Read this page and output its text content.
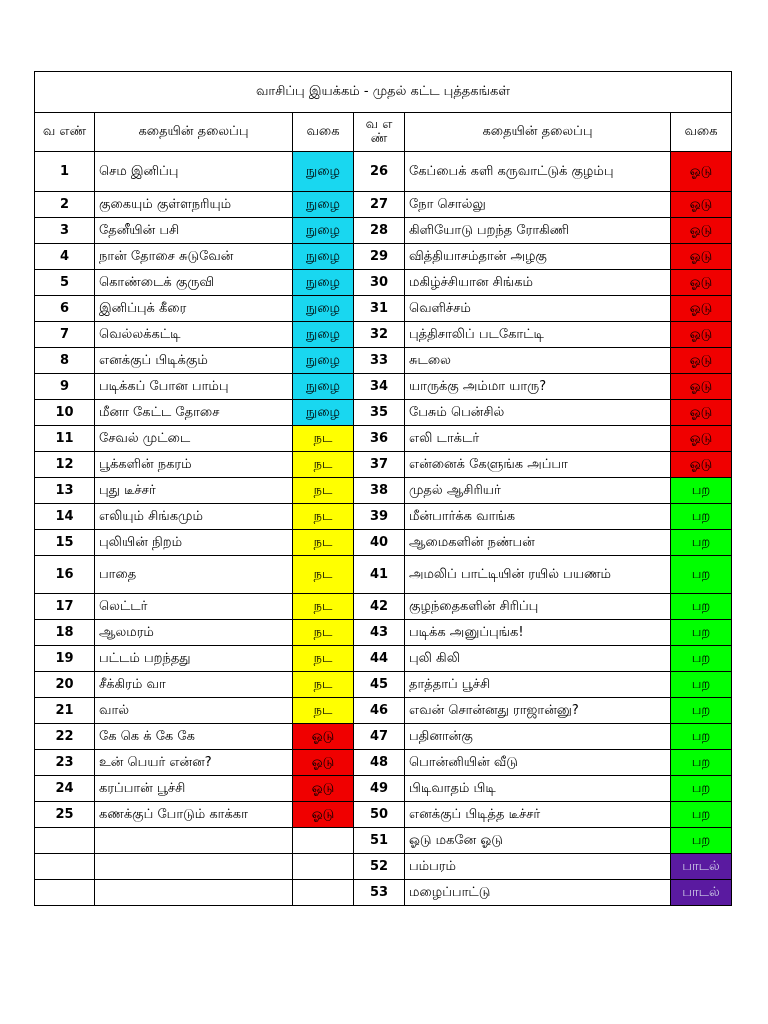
வாசிப்பு இயக்கம் - முதல் கட்ட புத்தகங்கள்					
வ எண்	கதையின் தலைப்பு	வகை	வ எ ண்	கதையின் தலைப்பு	வகை
1	செம இனிப்பு	நுழை	26	கேப்பைக் களி கருவாட்டுக் குழம்பு	ஓடு
2	குகையும் குள்ளநரியும்	நுழை	27	நோ சொல்லு	ஓடு
3	தேனீயின் பசி	நுழை	28	கிளியோடு பறந்த ரோகிணி	ஓடு
4	நான் தோசை சுடுவேன்	நுழை	29	வித்தியாசம்தான் அழகு	ஓடு
5	கொண்டைக் குருவி	நுழை	30	மகிழ்ச்சியான சிங்கம்	ஓடு
6	இனிப்புக் கீரை	நுழை	31	வெளிச்சம்	ஓடு
7	வெல்லக்கட்டி	நுழை	32	புத்திசாலிப் படகோட்டி	ஓடு
8	எனக்குப் பிடிக்கும்	நுழை	33	சுடலை	ஓடு
9	படிக்கப் போன பாம்பு	நுழை	34	யாருக்கு அம்மா யாரு?	ஓடு
10	மீனா கேட்ட தோசை	நுழை	35	பேசும் பென்சில்	ஓடு
11	சேவல் முட்டை	நட	36	எலி டாக்டர்	ஓடு
12	பூக்களின் நகரம்	நட	37	என்னைக் கேளுங்க அப்பா	ஓடு
13	புது டீச்சர்	நட	38	முதல் ஆசிரியர்	பற
14	எலியும் சிங்கமும்	நட	39	மீன்பார்க்க வாங்க	பற
15	புலியின் நிறம்	நட	40	ஆமைகளின் நண்பன்	பற
16	பாதை	நட	41	அமலிப் பாட்டியின் ரயில் பயணம்	பற
17	லெட்டர்	நட	42	குழந்தைகளின் சிரிப்பு	பற
18	ஆலமரம்	நட	43	படிக்க அனுப்புங்க!	பற
19	பட்டம் பறந்தது	நட	44	புலி கிலி	பற
20	சீக்கிரம் வா	நட	45	தாத்தாப் பூச்சி	பற
21	வால்	நட	46	எவன் சொன்னது ராஜான்னு?	பற
22	கே கெ க் கே கே	ஓடு	47	பதினான்கு	பற
23	உன் பெயர் என்ன?	ஓடு	48	பொன்னியின் வீடு	பற
24	கரப்பான் பூச்சி	ஓடு	49	பிடிவாதம் பிடி	பற
25	கணக்குப் போடும் காக்கா	ஓடு	50	எனக்குப் பிடித்த டீச்சர்	பற
			51	ஓடு மகனே ஓடு	பற
			52	பம்பரம்	பாடல்
			53	மழைப்பாட்டு	பாடல்
